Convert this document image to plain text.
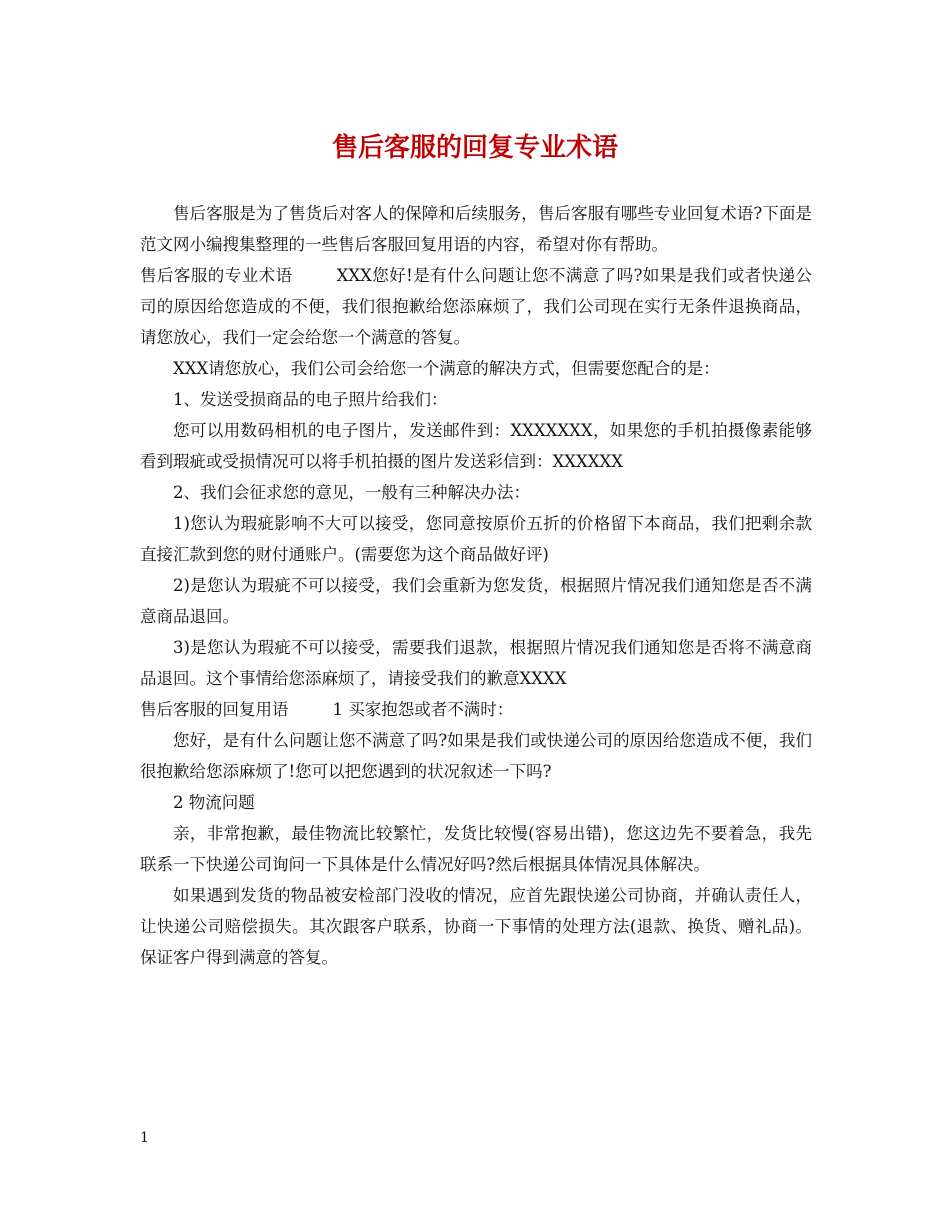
售后客服的回复专业术语

售后客服是为了售货后对客人的保障和后续服务，售后客服有哪些专业回复术语?下面是范文网小编搜集整理的一些售后客服回复用语的内容，希望对你有帮助。

售后客服的专业术语	XXX您好!是有什么问题让您不满意了吗?如果是我们或者快递公司的原因给您造成的不便，我们很抱歉给您添麻烦了，我们公司现在实行无条件退换商品，请您放心，我们一定会给您一个满意的答复。

XXX请您放心，我们公司会给您一个满意的解决方式，但需要您配合的是：

1、发送受损商品的电子照片给我们：

您可以用数码相机的电子图片，发送邮件到：XXXXXXX，如果您的手机拍摄像素能够看到瑕疵或受损情况可以将手机拍摄的图片发送彩信到：XXXXXX

2、我们会征求您的意见，一般有三种解决办法：

1)您认为瑕疵影响不大可以接受，您同意按原价五折的价格留下本商品，我们把剩余款直接汇款到您的财付通账户。(需要您为这个商品做好评)

2)是您认为瑕疵不可以接受，我们会重新为您发货，根据照片情况我们通知您是否不满意商品退回。

3)是您认为瑕疵不可以接受，需要我们退款，根据照片情况我们通知您是否将不满意商品退回。这个事情给您添麻烦了，请接受我们的歉意XXXX

售后客服的回复用语	1 买家抱怨或者不满时：

您好，是有什么问题让您不满意了吗?如果是我们或快递公司的原因给您造成不便，我们很抱歉给您添麻烦了!您可以把您遇到的状况叙述一下吗?

2 物流问题

亲，非常抱歉，最佳物流比较繁忙，发货比较慢(容易出错)，您这边先不要着急，我先联系一下快递公司询问一下具体是什么情况好吗?然后根据具体情况具体解决。

如果遇到发货的物品被安检部门没收的情况，应首先跟快递公司协商，并确认责任人，让快递公司赔偿损失。其次跟客户联系，协商一下事情的处理方法(退款、换货、赠礼品)。保证客户得到满意的答复。

1
